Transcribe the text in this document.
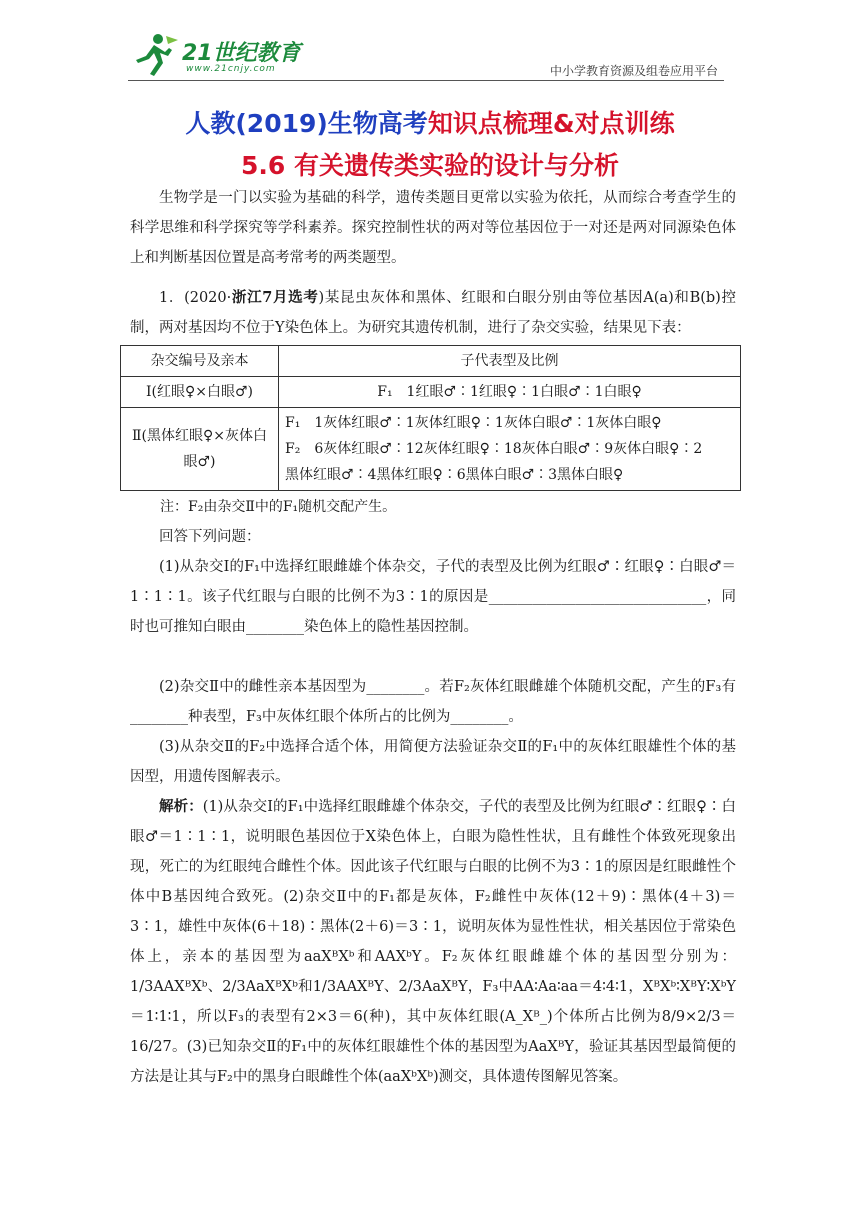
21世纪教育
www.21cnjy.com	中小学教育资源及组卷应用平台
人教(2019)生物高考知识点梳理&对点训练
5.6 有关遗传类实验的设计与分析
生物学是一门以实验为基础的科学，遗传类题目更常以实验为依托，从而综合考查学生的科学思维和科学探究等学科素养。探究控制性状的两对等位基因位于一对还是两对同源染色体上和判断基因位置是高考常考的两类题型。
1．(2020·浙江7月选考)某昆虫灰体和黑体、红眼和白眼分别由等位基因A(a)和B(b)控制，两对基因均不位于Y染色体上。为研究其遗传机制，进行了杂交实验，结果见下表：
杂交编号及亲本	子代表型及比例
Ⅰ(红眼♀×白眼♂)	F₁　1红眼♂∶1红眼♀∶1白眼♂∶1白眼♀
Ⅱ(黑体红眼♀×灰体白眼♂)	F₁　1灰体红眼♂∶1灰体红眼♀∶1灰体白眼♂∶1灰体白眼♀
F₂　6灰体红眼♂∶12灰体红眼♀∶18灰体白眼♂∶9灰体白眼♀∶2
黑体红眼♂∶4黑体红眼♀∶6黑体白眼♂∶3黑体白眼♀
注：F₂由杂交Ⅱ中的F₁随机交配产生。
回答下列问题：
(1)从杂交Ⅰ的F₁中选择红眼雌雄个体杂交，子代的表型及比例为红眼♂∶红眼♀∶白眼♂＝1∶1∶1。该子代红眼与白眼的比例不为3∶1的原因是______________________________，同时也可推知白眼由________染色体上的隐性基因控制。
(2)杂交Ⅱ中的雌性亲本基因型为________。若F₂灰体红眼雌雄个体随机交配，产生的F₃有________种表型，F₃中灰体红眼个体所占的比例为________。
(3)从杂交Ⅱ的F₂中选择合适个体，用简便方法验证杂交Ⅱ的F₁中的灰体红眼雄性个体的基因型，用遗传图解表示。
解析：(1)从杂交Ⅰ的F₁中选择红眼雌雄个体杂交，子代的表型及比例为红眼♂∶红眼♀∶白眼♂＝1∶1∶1，说明眼色基因位于X染色体上，白眼为隐性性状，且有雌性个体致死现象出现，死亡的为红眼纯合雌性个体。因此该子代红眼与白眼的比例不为3∶1的原因是红眼雌性个体中B基因纯合致死。(2)杂交Ⅱ中的F₁都是灰体，F₂雌性中灰体(12＋9)∶黑体(4＋3)＝3∶1，雄性中灰体(6＋18)∶黑体(2＋6)＝3∶1，说明灰体为显性性状，相关基因位于常染色体上，亲本的基因型为aaXᴮXᵇ和AAXᵇY。F₂灰体红眼雌雄个体的基因型分别为：1/3AAXᴮXᵇ、2/3AaXᴮXᵇ和1/3AAXᴮY、2/3AaXᴮY，F₃中AA∶Aa∶aa＝4∶4∶1，XᴮXᵇ∶XᴮY∶XᵇY＝1∶1∶1，所以F₃的表型有2×3＝6(种)，其中灰体红眼(A_Xᴮ_)个体所占比例为8/9×2/3＝16/27。(3)已知杂交Ⅱ的F₁中的灰体红眼雄性个体的基因型为AaXᴮY，验证其基因型最简便的方法是让其与F₂中的黑身白眼雌性个体(aaXᵇXᵇ)测交，具体遗传图解见答案。
